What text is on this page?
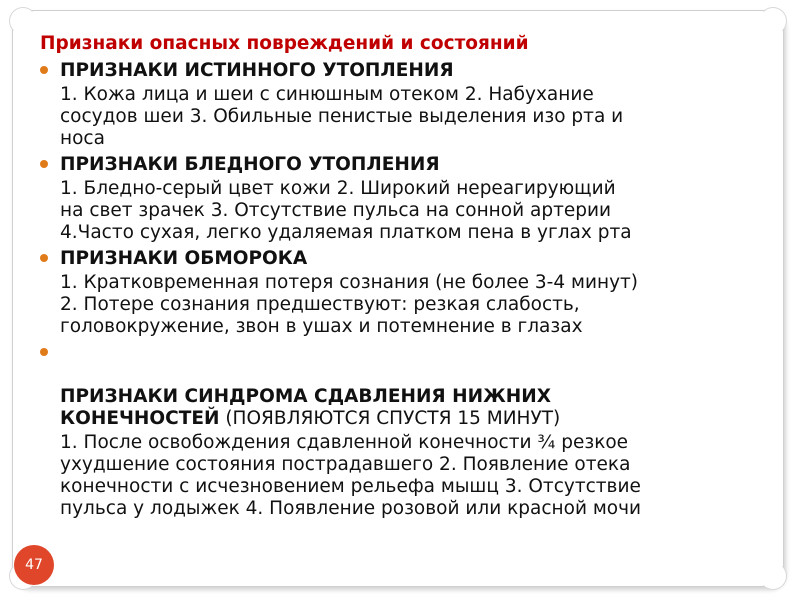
Признаки опасных повреждений и состояний
ПРИЗНАКИ ИСТИННОГО УТОПЛЕНИЯ
1. Кожа лица и шеи с синюшным отеком 2. Набухание
сосудов шеи 3. Обильные пенистые выделения изо рта и
носа
ПРИЗНАКИ БЛЕДНОГО УТОПЛЕНИЯ
1. Бледно-серый цвет кожи 2. Широкий нереагирующий
на свет зрачек 3. Отсутствие пульса на сонной артерии
4.Часто сухая, легко удаляемая платком пена в углах рта
ПРИЗНАКИ ОБМОРОКА
1. Кратковременная потеря сознания (не более 3-4 минут)
2. Потере сознания предшествуют: резкая слабость,
головокружение, звон в ушах и потемнение в глазах

ПРИЗНАКИ СИНДРОМА СДАВЛЕНИЯ НИЖНИХ
КОНЕЧНОСТЕЙ (ПОЯВЛЯЮТСЯ СПУСТЯ 15 МИНУТ)

1. После освобождения сдавленной конечности ¾ резкое
ухудшение состояния пострадавшего 2. Появление отека
конечности с исчезновением рельефа мышц 3. Отсутствие
пульса у лодыжек 4. Появление розовой или красной мочи
47
